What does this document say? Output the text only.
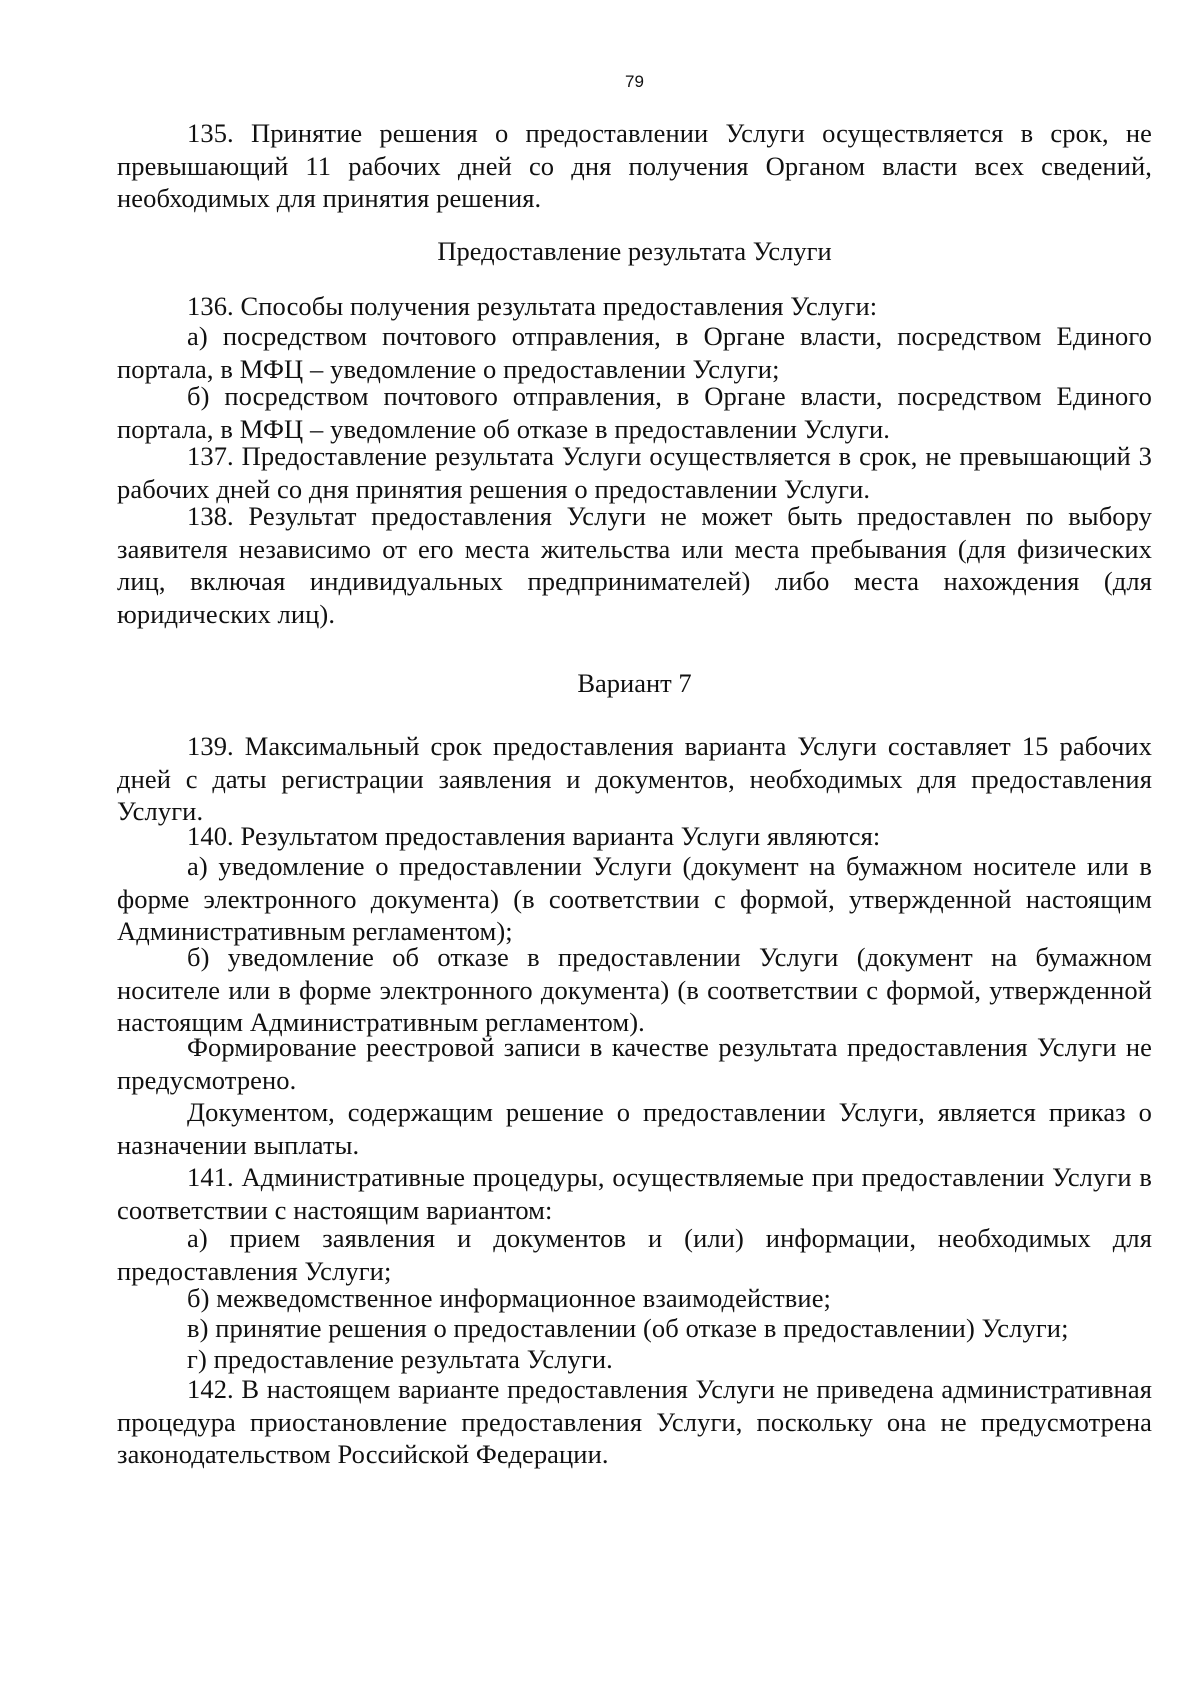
79

135. Принятие решения о предоставлении Услуги осуществляется в срок, не превышающий 11 рабочих дней со дня получения Органом власти всех сведений, необходимых для принятия решения.

Предоставление результата Услуги

136. Способы получения результата предоставления Услуги:

а) посредством почтового отправления, в Органе власти, посредством Единого портала, в МФЦ – уведомление о предоставлении Услуги;

б) посредством почтового отправления, в Органе власти, посредством Единого портала, в МФЦ – уведомление об отказе в предоставлении Услуги.

137. Предоставление результата Услуги осуществляется в срок, не превышающий 3 рабочих дней со дня принятия решения о предоставлении Услуги.

138. Результат предоставления Услуги не может быть предоставлен по выбору заявителя независимо от его места жительства или места пребывания (для физических лиц, включая индивидуальных предпринимателей) либо места нахождения (для юридических лиц).

Вариант 7

139. Максимальный срок предоставления варианта Услуги составляет 15 рабочих дней с даты регистрации заявления и документов, необходимых для предоставления Услуги.

140. Результатом предоставления варианта Услуги являются:

а) уведомление о предоставлении Услуги (документ на бумажном носителе или в форме электронного документа) (в соответствии с формой, утвержденной настоящим Административным регламентом);

б) уведомление об отказе в предоставлении Услуги (документ на бумажном носителе или в форме электронного документа) (в соответствии с формой, утвержденной настоящим Административным регламентом).

Формирование реестровой записи в качестве результата предоставления Услуги не предусмотрено.

Документом, содержащим решение о предоставлении Услуги, является приказ о назначении выплаты.

141. Административные процедуры, осуществляемые при предоставлении Услуги в соответствии с настоящим вариантом:

а) прием заявления и документов и (или) информации, необходимых для предоставления Услуги;

б) межведомственное информационное взаимодействие;

в) принятие решения о предоставлении (об отказе в предоставлении) Услуги;

г) предоставление результата Услуги.

142. В настоящем варианте предоставления Услуги не приведена административная процедура приостановление предоставления Услуги, поскольку она не предусмотрена законодательством Российской Федерации.
